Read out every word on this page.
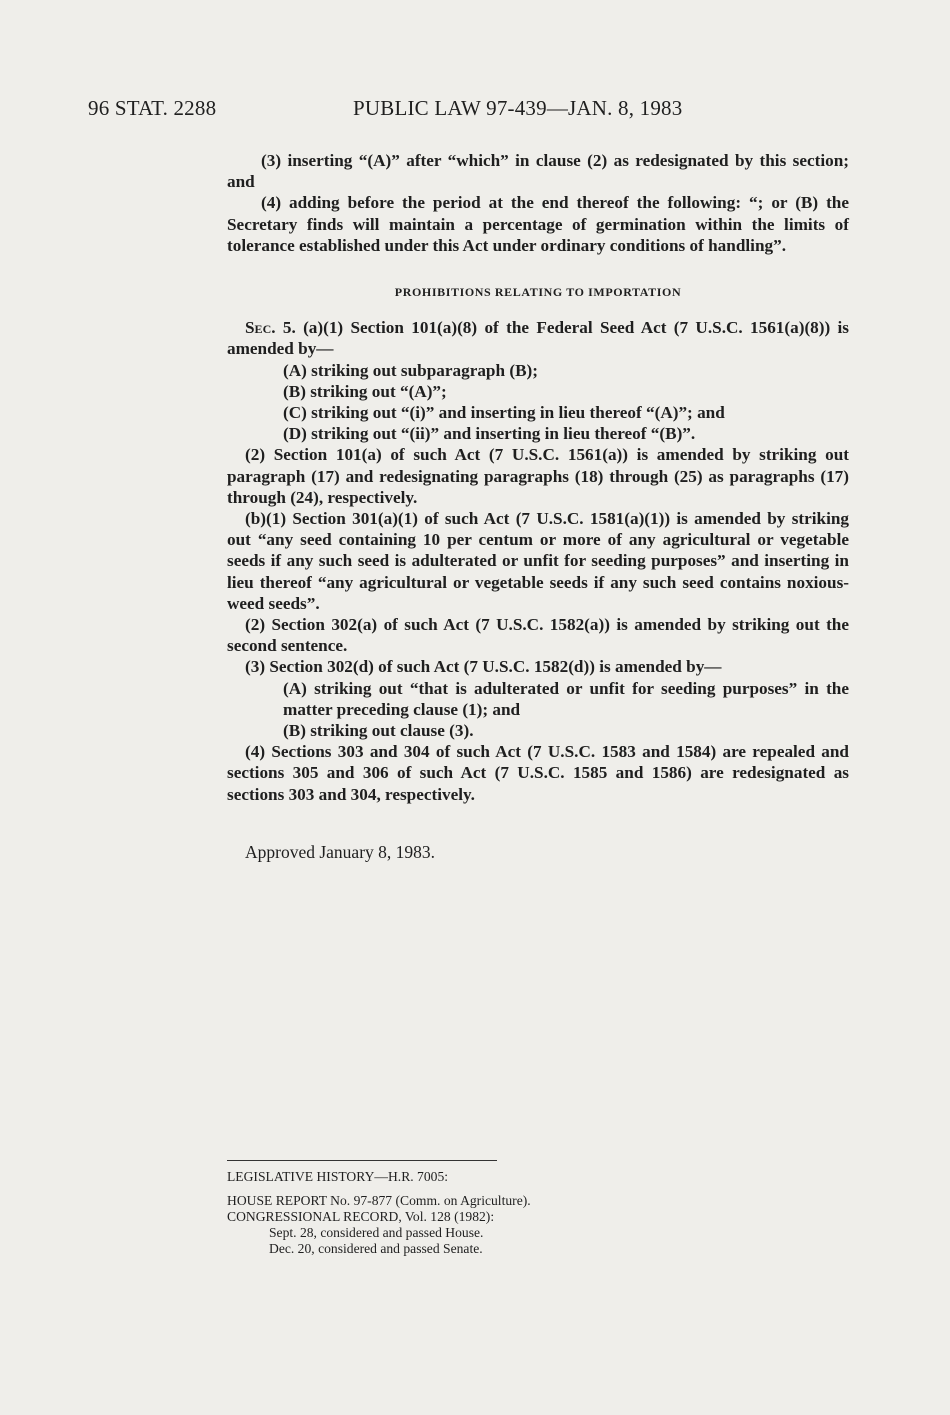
96 STAT. 2288	PUBLIC LAW 97-439—JAN. 8, 1983

(3) inserting “(A)” after “which” in clause (2) as redesignated by this section; and

(4) adding before the period at the end thereof the following: “; or (B) the Secretary finds will maintain a percentage of germination within the limits of tolerance established under this Act under ordinary conditions of handling”.

PROHIBITIONS RELATING TO IMPORTATION

Sec. 5. (a)(1) Section 101(a)(8) of the Federal Seed Act (7 U.S.C. 1561(a)(8)) is amended by—

(A) striking out subparagraph (B);

(B) striking out “(A)”;

(C) striking out “(i)” and inserting in lieu thereof “(A)”; and

(D) striking out “(ii)” and inserting in lieu thereof “(B)”.

(2) Section 101(a) of such Act (7 U.S.C. 1561(a)) is amended by striking out paragraph (17) and redesignating paragraphs (18) through (25) as paragraphs (17) through (24), respectively.

(b)(1) Section 301(a)(1) of such Act (7 U.S.C. 1581(a)(1)) is amended by striking out “any seed containing 10 per centum or more of any agricultural or vegetable seeds if any such seed is adulterated or unfit for seeding purposes” and inserting in lieu thereof “any agricultural or vegetable seeds if any such seed contains noxious-weed seeds”.

(2) Section 302(a) of such Act (7 U.S.C. 1582(a)) is amended by striking out the second sentence.

(3) Section 302(d) of such Act (7 U.S.C. 1582(d)) is amended by—

(A) striking out “that is adulterated or unfit for seeding purposes” in the matter preceding clause (1); and

(B) striking out clause (3).

(4) Sections 303 and 304 of such Act (7 U.S.C. 1583 and 1584) are repealed and sections 305 and 306 of such Act (7 U.S.C. 1585 and 1586) are redesignated as sections 303 and 304, respectively.

Approved January 8, 1983.
LEGISLATIVE HISTORY—H.R. 7005:

HOUSE REPORT No. 97-877 (Comm. on Agriculture).

CONGRESSIONAL RECORD, Vol. 128 (1982):

Sept. 28, considered and passed House.

Dec. 20, considered and passed Senate.
